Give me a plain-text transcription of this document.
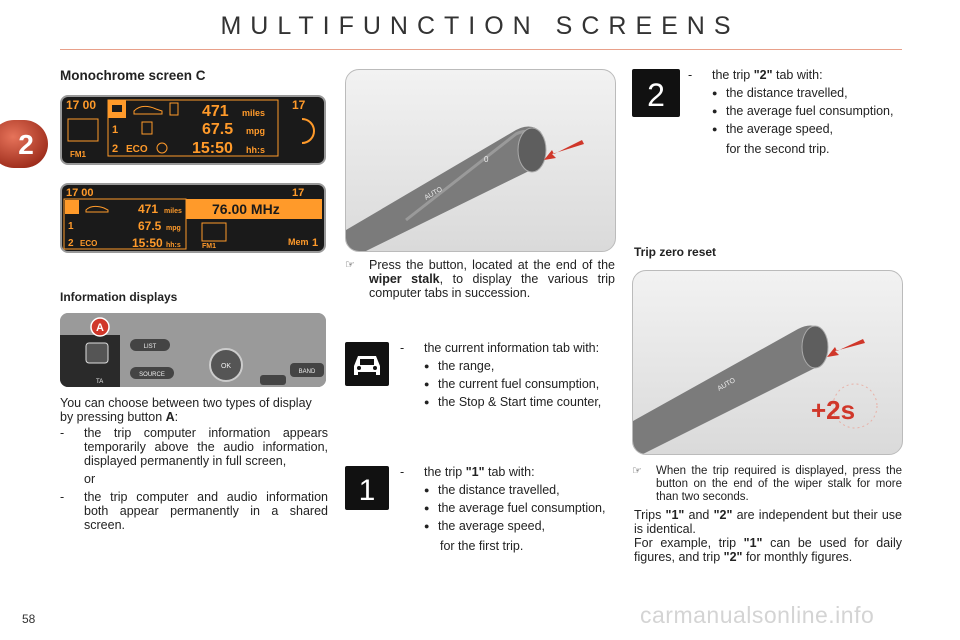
MULTIFUNCTION SCREENS
2
Monochrome screen C
17 00	17
471 miles
1	67.5 mpg
2 ECO	15:50 hh:s
FM1
17 00	17
471 miles
1	67.5 mpg
2 ECO	15:50 hh:s
76.00 MHz
FM1	Mem 1
Information displays
A
LIST
SOURCE
OK
BAND
TA
You can choose between two types of display by pressing button A:
-	the trip computer information appears temporarily above the audio information, displayed permanently in full screen,
or
-	the trip computer and audio information both appear permanently in a shared screen.
AUTO
0
☞	Press the button, located at the end of the wiper stalk, to display the various trip computer tabs in succession.
-	the current information tab with:
● the range,
● the current fuel consumption,
● the Stop & Start time counter,
1
-	the trip "1" tab with:
● the distance travelled,
● the average fuel consumption,
● the average speed,
for the first trip.
2
-	the trip "2" tab with:
● the distance travelled,
● the average fuel consumption,
● the average speed,
for the second trip.
Trip zero reset
AUTO
+2s
☞	When the trip required is displayed, press the button on the end of the wiper stalk for more than two seconds.
Trips "1" and "2" are independent but their use is identical.
For example, trip "1" can be used for daily figures, and trip "2" for monthly figures.
58	carmanualsonline.info
